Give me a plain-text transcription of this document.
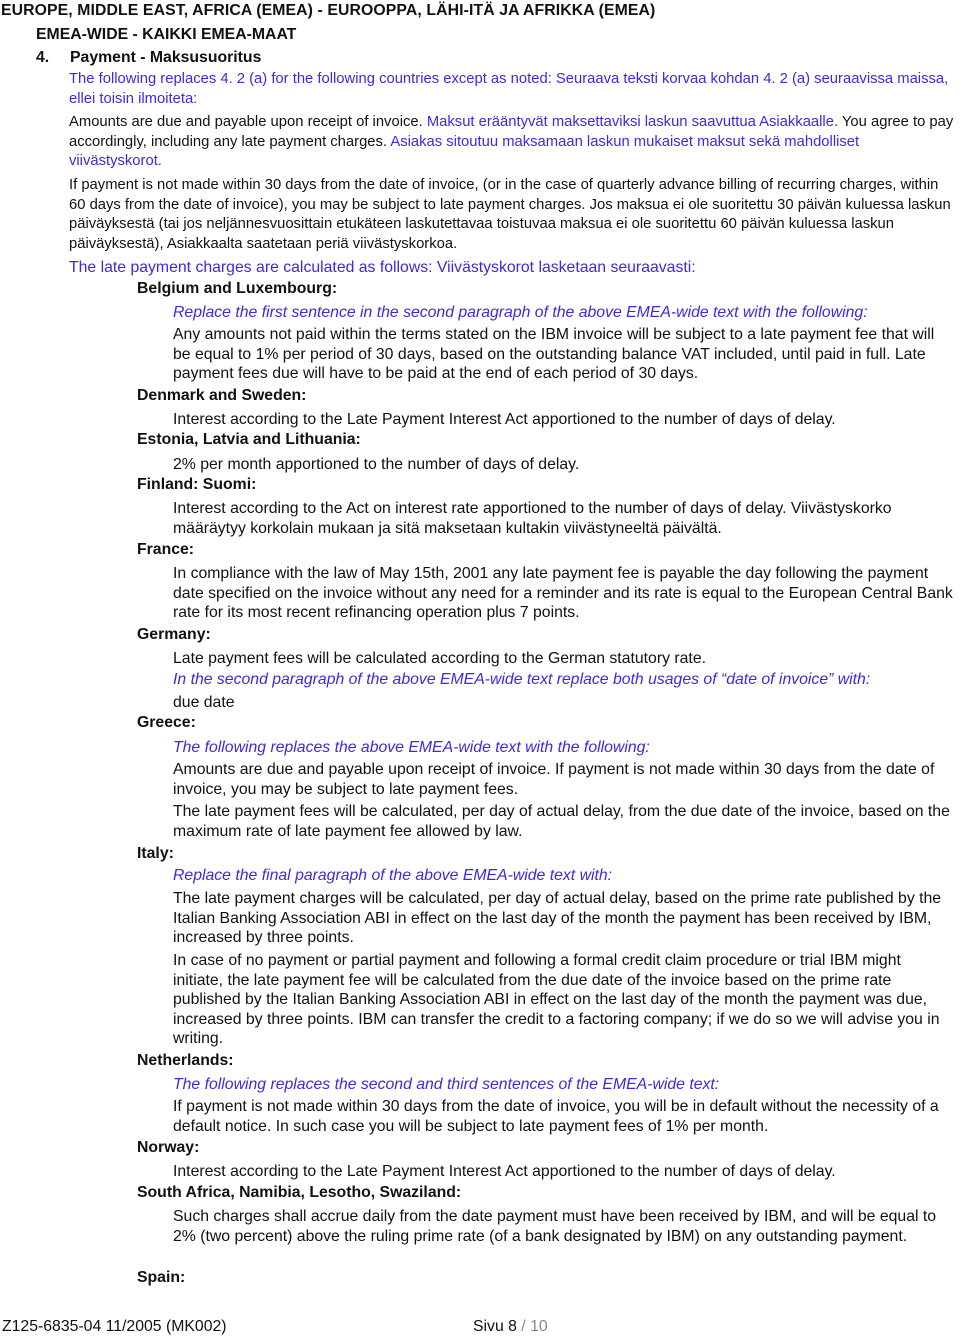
EUROPE, MIDDLE EAST, AFRICA (EMEA) - EUROOPPA, LÄHI-ITÄ JA AFRIKKA (EMEA)
EMEA-WIDE - KAIKKI EMEA-MAAT
4. Payment - Maksusuoritus

The following replaces 4. 2 (a) for the following countries except as noted: Seuraava teksti korvaa kohdan 4. 2 (a) seuraavissa maissa, ellei toisin ilmoiteta:

Amounts are due and payable upon receipt of invoice. Maksut erääntyvät maksettaviksi laskun saavuttua Asiakkaalle. You agree to pay accordingly, including any late payment charges. Asiakas sitoutuu maksamaan laskun mukaiset maksut sekä mahdolliset viivästyskorot.

If payment is not made within 30 days from the date of invoice, (or in the case of quarterly advance billing of recurring charges, within 60 days from the date of invoice), you may be subject to late payment charges. Jos maksua ei ole suoritettu 30 päivän kuluessa laskun päiväyksestä (tai jos neljännesvuosittain etukäteen laskutettavaa toistuvaa maksua ei ole suoritettu 60 päivän kuluessa laskun päiväyksestä), Asiakkaalta saatetaan periä viivästyskorkoa.

The late payment charges are calculated as follows: Viivästyskorot lasketaan seuraavasti:

Belgium and Luxembourg:

Replace the first sentence in the second paragraph of the above EMEA-wide text with the following:

Any amounts not paid within the terms stated on the IBM invoice will be subject to a late payment fee that will be equal to 1% per period of 30 days, based on the outstanding balance VAT included, until paid in full. Late payment fees due will have to be paid at the end of each period of 30 days.

Denmark and Sweden:

Interest according to the Late Payment Interest Act apportioned to the number of days of delay.

Estonia, Latvia and Lithuania:

2% per month apportioned to the number of days of delay.

Finland: Suomi:

Interest according to the Act on interest rate apportioned to the number of days of delay. Viivästyskorko määräytyy korkolain mukaan ja sitä maksetaan kultakin viivästyneeltä päivältä.

France:

In compliance with the law of May 15th, 2001 any late payment fee is payable the day following the payment date specified on the invoice without any need for a reminder and its rate is equal to the European Central Bank rate for its most recent refinancing operation plus 7 points.

Germany:

Late payment fees will be calculated according to the German statutory rate.

In the second paragraph of the above EMEA-wide text replace both usages of “date of invoice” with:

due date

Greece:

The following replaces the above EMEA-wide text with the following:

Amounts are due and payable upon receipt of invoice. If payment is not made within 30 days from the date of invoice, you may be subject to late payment fees.

The late payment fees will be calculated, per day of actual delay, from the due date of the invoice, based on the maximum rate of late payment fee allowed by law.

Italy:

Replace the final paragraph of the above EMEA-wide text with:

The late payment charges will be calculated, per day of actual delay, based on the prime rate published by the Italian Banking Association ABI in effect on the last day of the month the payment has been received by IBM, increased by three points.

In case of no payment or partial payment and following a formal credit claim procedure or trial IBM might initiate, the late payment fee will be calculated from the due date of the invoice based on the prime rate published by the Italian Banking Association ABI in effect on the last day of the month the payment was due, increased by three points. IBM can transfer the credit to a factoring company; if we do so we will advise you in writing.

Netherlands:

The following replaces the second and third sentences of the EMEA-wide text:

If payment is not made within 30 days from the date of invoice, you will be in default without the necessity of a default notice. In such case you will be subject to late payment fees of 1% per month.

Norway:

Interest according to the Late Payment Interest Act apportioned to the number of days of delay.

South Africa, Namibia, Lesotho, Swaziland:

Such charges shall accrue daily from the date payment must have been received by IBM, and will be equal to 2% (two percent) above the ruling prime rate (of a bank designated by IBM) on any outstanding payment.

Spain:
Z125-6835-04 11/2005 (MK002)	Sivu 8 / 10
